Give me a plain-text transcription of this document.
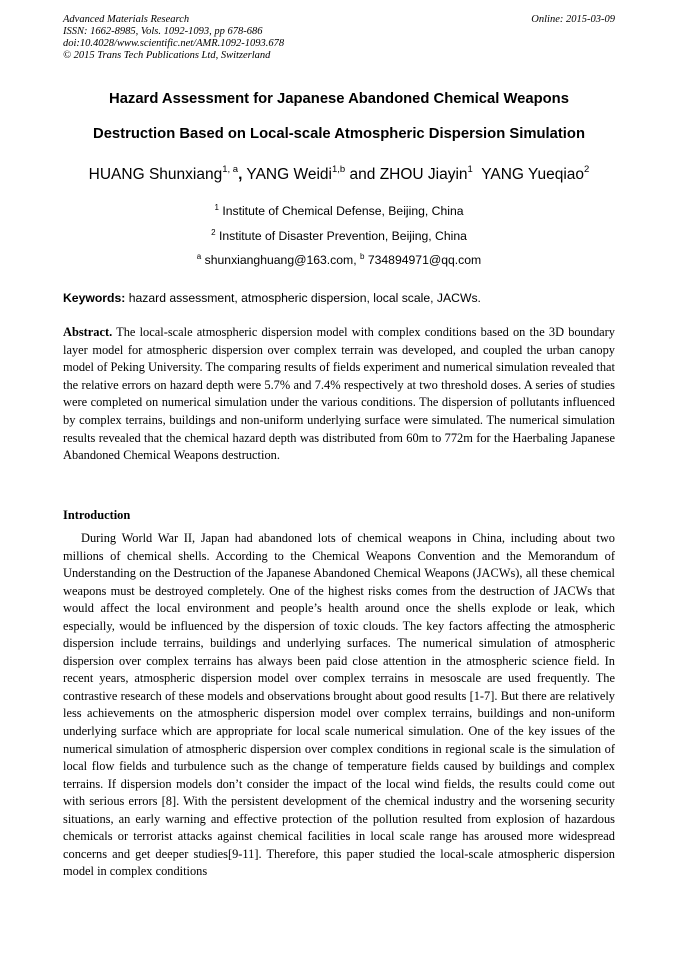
Advanced Materials Research
ISSN: 1662-8985, Vols. 1092-1093, pp 678-686
doi:10.4028/www.scientific.net/AMR.1092-1093.678
© 2015 Trans Tech Publications Ltd, Switzerland
Online: 2015-03-09
Hazard Assessment for Japanese Abandoned Chemical Weapons
Destruction Based on Local-scale Atmospheric Dispersion Simulation
HUANG Shunxiang$^{1, a}$, YANG Weidi$^{1,b}$ and ZHOU Jiayin$^1$ YANG Yueqiao$^2$
$^1$ Institute of Chemical Defense, Beijing, China
$^2$ Institute of Disaster Prevention, Beijing, China
$^a$ shunxianghuang@163.com, $^b$ 734894971@qq.com
Keywords: hazard assessment, atmospheric dispersion, local scale, JACWs.
Abstract. The local-scale atmospheric dispersion model with complex conditions based on the 3D boundary layer model for atmospheric dispersion over complex terrain was developed, and coupled the urban canopy model of Peking University. The comparing results of fields experiment and numerical simulation revealed that the relative errors on hazard depth were 5.7% and 7.4% respectively at two threshold doses. A series of studies were completed on numerical simulation under the various conditions. The dispersion of pollutants influenced by complex terrains, buildings and non-uniform underlying surface were simulated. The numerical simulation results revealed that the chemical hazard depth was distributed from 60m to 772m for the Haerbaling Japanese Abandoned Chemical Weapons destruction.
Introduction
During World War II, Japan had abandoned lots of chemical weapons in China, including about two millions of chemical shells. According to the Chemical Weapons Convention and the Memorandum of Understanding on the Destruction of the Japanese Abandoned Chemical Weapons (JACWs), all these chemical weapons must be destroyed completely. One of the highest risks comes from the destruction of JACWs that would affect the local environment and people’s health around once the shells explode or leak, which especially, would be influenced by the dispersion of toxic clouds. The key factors affecting the atmospheric dispersion include terrains, buildings and underlying surfaces. The numerical simulation of atmospheric dispersion over complex terrains has always been paid close attention in the atmospheric science field. In recent years, atmospheric dispersion model over complex terrains in mesoscale are used frequently. The contrastive research of these models and observations brought about good results [1-7]. But there are relatively less achievements on the atmospheric dispersion model over complex terrains, buildings and non-uniform underlying surface which are appropriate for local scale numerical simulation. One of the key issues of the numerical simulation of atmospheric dispersion over complex conditions in regional scale is the simulation of local flow fields and turbulence such as the change of temperature fields caused by buildings and complex terrains. If dispersion models don’t consider the impact of the local wind fields, the results could come out with serious errors [8]. With the persistent development of the chemical industry and the worsening security situations, an early warning and effective protection of the pollution resulted from explosion of hazardous chemicals or terrorist attacks against chemical facilities in local scale range has aroused more widespread concerns and get deeper studies[9-11]. Therefore, this paper studied the local-scale atmospheric dispersion model in complex conditions
